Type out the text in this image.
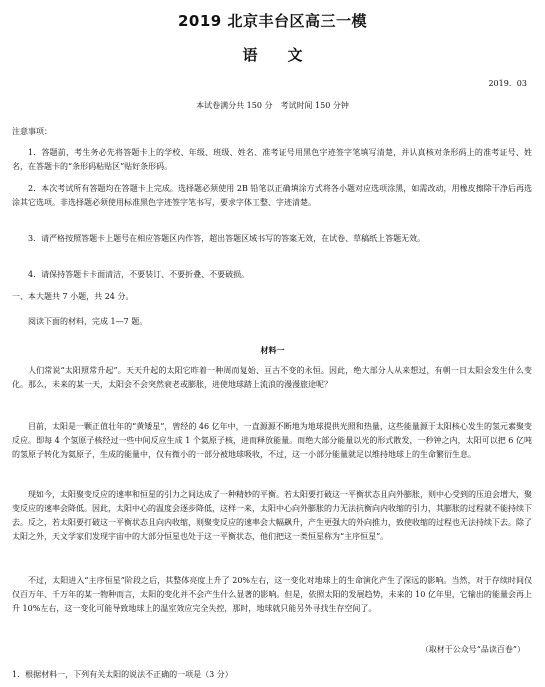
2019 北京丰台区高三一模
语　　文
2019．03
本试卷满分共 150 分　考试时间 150 分钟
注意事项：
1．答题前，考生务必先将答题卡上的学校、年级、班级、姓名、准考证号用黑色字迹签字笔填写清楚，并认真核对条形码上的准考证号、姓名，在答题卡的“条形码粘贴区”贴好条形码。
2．本次考试所有答题均在答题卡上完成。选择题必须使用 2B 铅笔以正确填涂方式将各小题对应选项涂黑，如需改动，用橡皮擦除干净后再选涂其它选项。非选择题必须使用标准黑色字迹签字笔书写，要求字体工整、字迹清楚。
3．请严格按照答题卡上题号在相应答题区内作答，超出答题区域书写的答案无效，在试卷、草稿纸上答题无效。
4．请保持答题卡卡面清洁，不要装订、不要折叠、不要破损。
一、本大题共 7 小题，共 24 分。
阅读下面的材料，完成 1—7 题。
材料一
人们常说“太阳照常升起”。天天升起的太阳它昨着一种周而复始、亘古不变的永恒。因此，绝大部分人从来想过，有朝一日太阳会发生什么变化。那么，未来的某一天，太阳会不会突然衰老或膨胀，进使地球踏上流浪的漫漫旅途呢？
目前，太阳是一颗正值壮年的“黄矮星”，曾经的 46 亿年中，一直源源不断地为地球提供光照和热量，这些能量源于太阳核心发生的氢元素聚变反应。即每 4 个氢原子核经过一些中间反应生成 1 个氦原子核，进而释放能量。而绝大部分能量以光的形式散发，一秒钟之内，太阳可以把 6 亿吨的氢原子转化为氦原子，生成的能量中，仅有微小的一部分被地球吸收，不过，这一小部分能量就足以维持地球上的生命繁衍生息。
现如今，太阳聚变反应的速率和恒星的引力之间达成了一种精妙的平衡。若太阳要打破这一平衡状态且向外膨胀，则中心受到的压迫会增大，聚变反应的速率会降低。因此，太阳中心的温度会逐步降低，这样一来，太阳中心向外膨胀的力无法抗衡向内收缩的引力，其膨胀的过程就不能持续下去。反之，若太阳要打破这一平衡状态且向内收缩，则聚变反应的速率会大幅飙升，产生更强大的外向推力，致使收缩的过程也无法持续下去。除了太阳之外，天文学家们发现宇宙中的大部分恒星也处于这一平衡状态，他们把这一类恒星称为“主序恒星”。
不过，太阳进入“主序恒星”阶段之后，其整体亮度上升了 20%左右，这一变化对地球上的生命演化产生了深远的影响。当然，对于存续时间仅仅百万年、千万年的某一物种而言，太阳的变化并不会产生什么显著的影响。但是，依照太阳的发展趋势，未来的 10 亿年里，它输出的能量会再上升 10%左右，这一变化可能导致地球上的温室效应完全失控，那时，地球就只能另外寻找生存空间了。
（取材于公众号“品读百卷”）
1．根据材料一，下列有关太阳的说法不正确的一项是（3 分）
